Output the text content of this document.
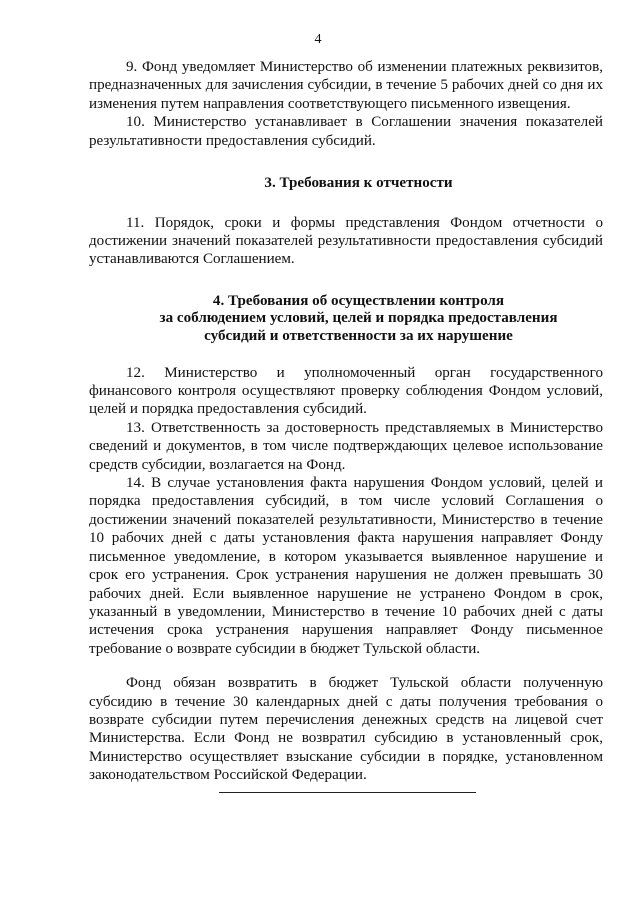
4

9. Фонд уведомляет Министерство об изменении платежных реквизитов, предназначенных для зачисления субсидии, в течение 5 рабочих дней со дня их изменения путем направления соответствующего письменного извещения.

10. Министерство устанавливает в Соглашении значения показателей результативности предоставления субсидий.

3. Требования к отчетности

11. Порядок, сроки и формы представления Фондом отчетности о достижении значений показателей результативности предоставления субсидий устанавливаются Соглашением.

4. Требования об осуществлении контроля
за соблюдением условий, целей и порядка предоставления
субсидий и ответственности за их нарушение

12. Министерство и уполномоченный орган государственного финансового контроля осуществляют проверку соблюдения Фондом условий, целей и порядка предоставления субсидий.

13. Ответственность за достоверность представляемых в Министерство сведений и документов, в том числе подтверждающих целевое использование средств субсидии, возлагается на Фонд.

14. В случае установления факта нарушения Фондом условий, целей и порядка предоставления субсидий, в том числе условий Соглашения о достижении значений показателей результативности, Министерство в течение 10 рабочих дней с даты установления факта нарушения направляет Фонду письменное уведомление, в котором указывается выявленное нарушение и срок его устранения. Срок устранения нарушения не должен превышать 30 рабочих дней. Если выявленное нарушение не устранено Фондом в срок, указанный в уведомлении, Министерство в течение 10 рабочих дней с даты истечения срока устранения нарушения направляет Фонду письменное требование о возврате субсидии в бюджет Тульской области.

Фонд обязан возвратить в бюджет Тульской области полученную субсидию в течение 30 календарных дней с даты получения требования о возврате субсидии путем перечисления денежных средств на лицевой счет Министерства. Если Фонд не возвратил субсидию в установленный срок, Министерство осуществляет взыскание субсидии в порядке, установленном законодательством Российской Федерации.
